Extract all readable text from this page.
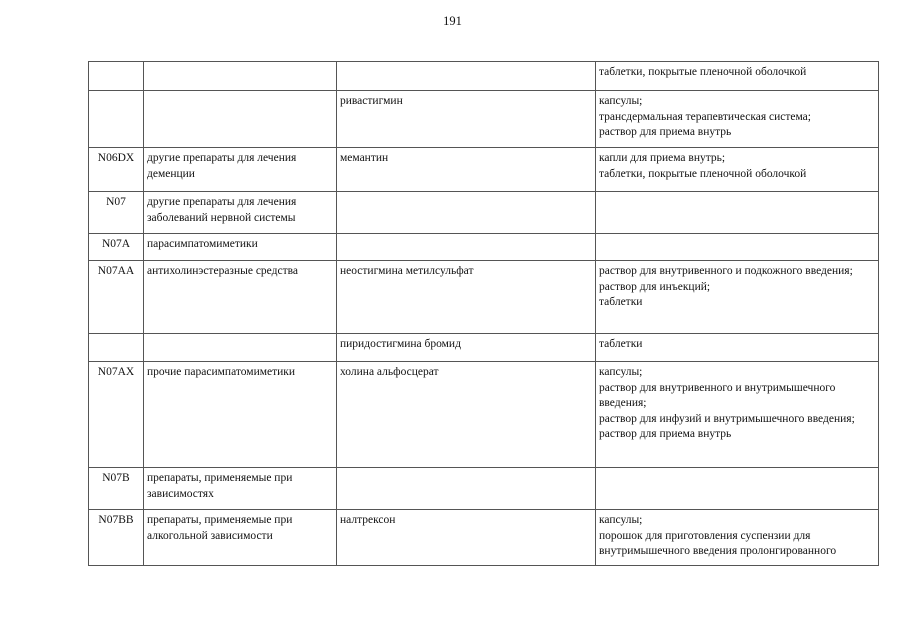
191

			таблетки, покрытые пленочной оболочкой

		ривастигмин	капсулы;
трансдермальная терапевтическая система;
раствор для приема внутрь

N06DX	другие препараты для лечения деменции	мемантин	капли для приема внутрь;
таблетки, покрытые пленочной оболочкой

N07	другие препараты для лечения заболеваний нервной системы		
N07A	парасимпатомиметики		
N07AA	антихолинэстеразные средства	неостигмина метилсульфат	раствор для внутривенного и подкожного введения;
раствор для инъекций;
таблетки

		пиридостигмина бромид	таблетки

N07AX	прочие парасимпатомиметики	холина альфосцерат	капсулы;
раствор для внутривенного и внутримышечного введения;
раствор для инфузий и внутримышечного введения;
раствор для приема внутрь

N07B	препараты, применяемые при зависимостях		
N07BB	препараты, применяемые при алкогольной зависимости	налтрексон	капсулы;
порошок для приготовления суспензии для внутримышечного введения пролонгированного
